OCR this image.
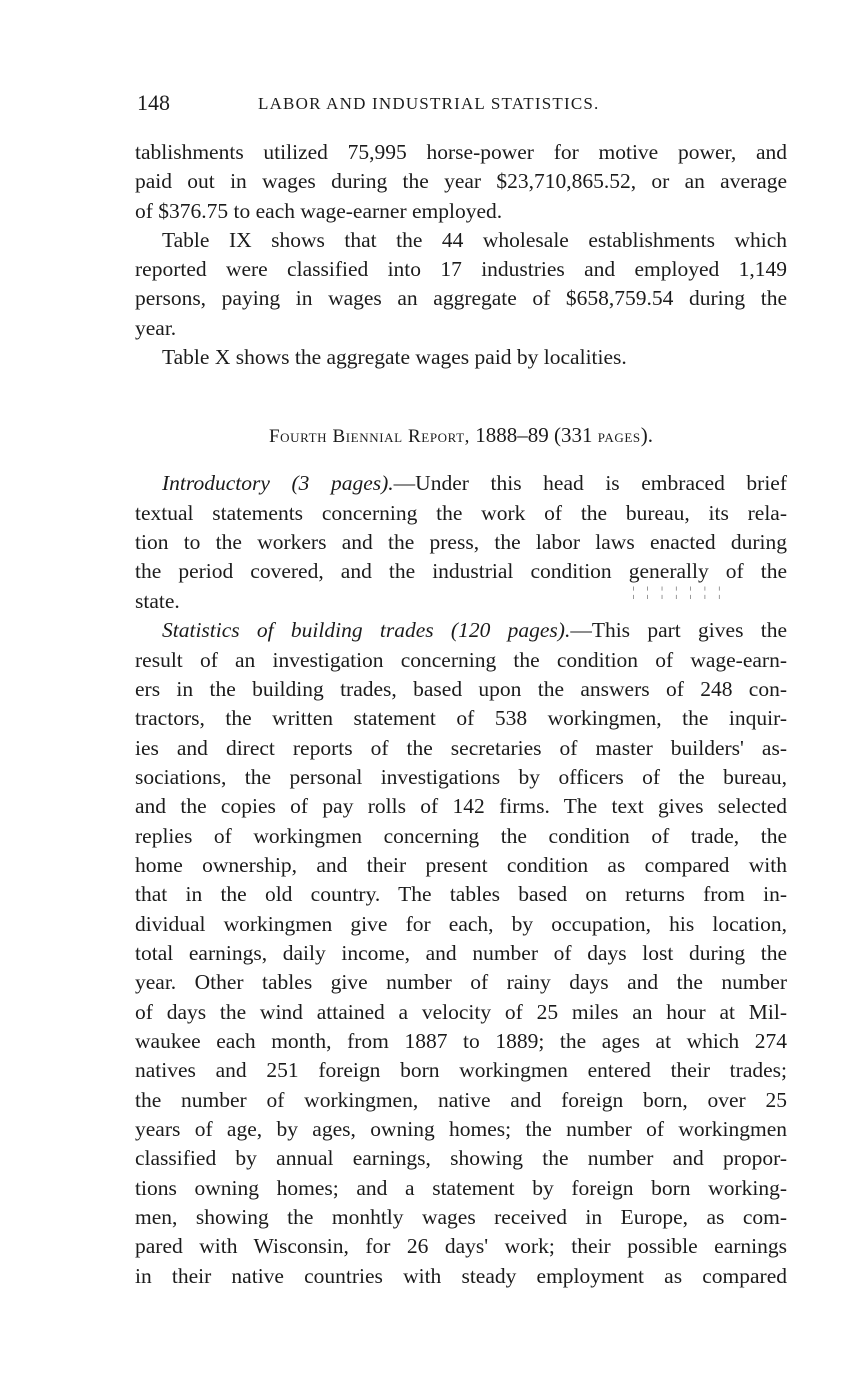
148	LABOR AND INDUSTRIAL STATISTICS.
tablishments utilized 75,995 horse-power for motive power, and
paid out in wages during the year $23,710,865.52, or an average
of $376.75 to each wage-earner employed.
Table IX shows that the 44 wholesale establishments which
reported were classified into 17 industries and employed 1,149
persons, paying in wages an aggregate of $658,759.54 during the
year.
Table X shows the aggregate wages paid by localities.
Fourth Biennial Report, 1888–89 (331 pages).
Introductory (3 pages).—Under this head is embraced brief
textual statements concerning the work of the bureau, its rela-
tion to the workers and the press, the labor laws enacted during
the period covered, and the industrial condition generally of the
state.	¦ ¦ ¦ ¦ ¦ ¦ ¦
Statistics of building trades (120 pages).—This part gives the
result of an investigation concerning the condition of wage-earn-
ers in the building trades, based upon the answers of 248 con-
tractors, the written statement of 538 workingmen, the inquir-
ies and direct reports of the secretaries of master builders' as-
sociations, the personal investigations by officers of the bureau,
and the copies of pay rolls of 142 firms. The text gives selected
replies of workingmen concerning the condition of trade, the
home ownership, and their present condition as compared with
that in the old country. The tables based on returns from in-
dividual workingmen give for each, by occupation, his location,
total earnings, daily income, and number of days lost during the
year. Other tables give number of rainy days and the number
of days the wind attained a velocity of 25 miles an hour at Mil-
waukee each month, from 1887 to 1889; the ages at which 274
natives and 251 foreign born workingmen entered their trades;
the number of workingmen, native and foreign born, over 25
years of age, by ages, owning homes; the number of workingmen
classified by annual earnings, showing the number and propor-
tions owning homes; and a statement by foreign born working-
men, showing the monhtly wages received in Europe, as com-
pared with Wisconsin, for 26 days' work; their possible earnings
in their native countries with steady employment as compared
